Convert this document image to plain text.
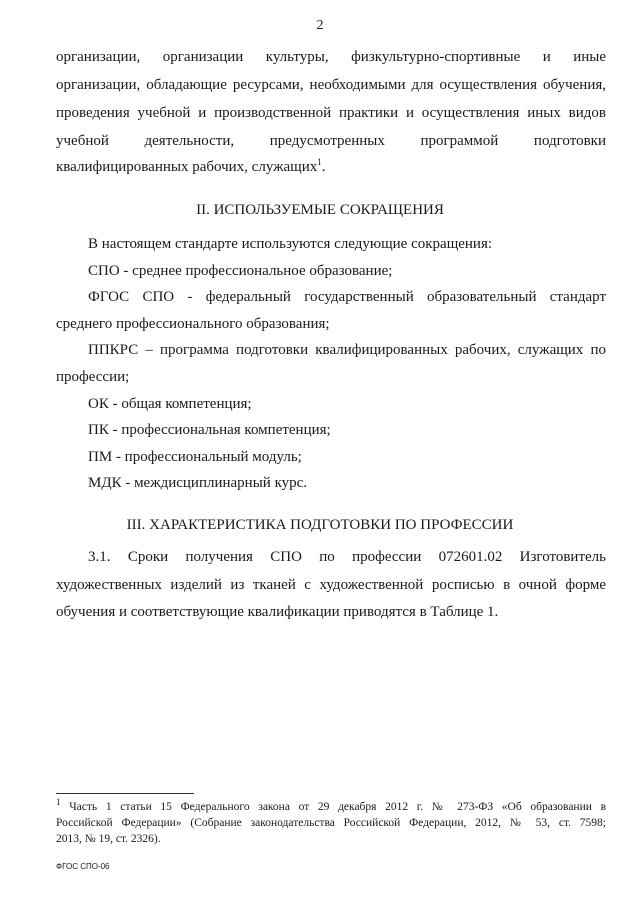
2
организации, организации культуры, физкультурно-спортивные и иные
организации, обладающие ресурсами, необходимыми для осуществления обучения,
проведения учебной и производственной практики и осуществления иных видов
учебной деятельности, предусмотренных программой подготовки
квалифицированных рабочих, служащих$^1$.
II. ИСПОЛЬЗУЕМЫЕ СОКРАЩЕНИЯ
В настоящем стандарте используются следующие сокращения:
СПО - среднее профессиональное образование;
ФГОС СПО - федеральный государственный образовательный стандарт
среднего профессионального образования;
ППКРС – программа подготовки квалифицированных рабочих, служащих по
профессии;
ОК - общая компетенция;
ПК - профессиональная компетенция;
ПМ - профессиональный модуль;
МДК - междисциплинарный курс.
III. ХАРАКТЕРИСТИКА ПОДГОТОВКИ ПО ПРОФЕССИИ
3.1. Сроки получения СПО по профессии 072601.02 Изготовитель
художественных изделий из тканей с художественной росписью в очной форме
обучения и соответствующие квалификации приводятся в Таблице 1.
$^1$ Часть 1 статьи 15 Федерального закона от 29 декабря 2012 г. № 273-ФЗ «Об образовании в
Российской Федерации» (Собрание законодательства Российской Федерации, 2012, № 53, ст. 7598;
2013, № 19, ст. 2326).
ФГОС СПО-06
